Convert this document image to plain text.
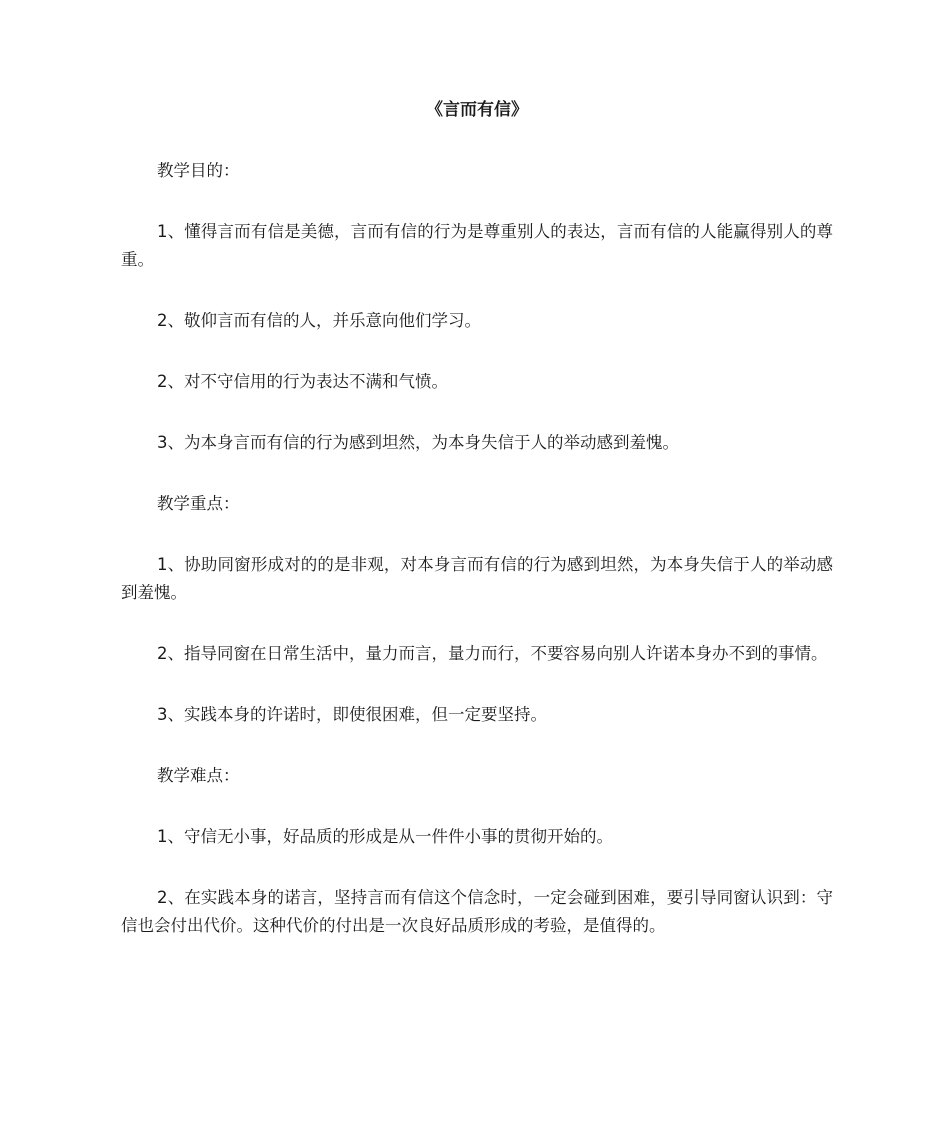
《言而有信》

教学目的：

1、懂得言而有信是美德，言而有信的行为是尊重别人的表达，言而有信的人能赢得别人的尊重。

2、敬仰言而有信的人，并乐意向他们学习。

2、对不守信用的行为表达不满和气愤。

3、为本身言而有信的行为感到坦然，为本身失信于人的举动感到羞愧。

教学重点：

1、协助同窗形成对的的是非观，对本身言而有信的行为感到坦然，为本身失信于人的举动感到羞愧。

2、指导同窗在日常生活中，量力而言，量力而行，不要容易向别人许诺本身办不到的事情。

3、实践本身的许诺时，即使很困难，但一定要坚持。

教学难点：

1、守信无小事，好品质的形成是从一件件小事的贯彻开始的。

2、在实践本身的诺言，坚持言而有信这个信念时，一定会碰到困难，要引导同窗认识到：守信也会付出代价。这种代价的付出是一次良好品质形成的考验，是值得的。
